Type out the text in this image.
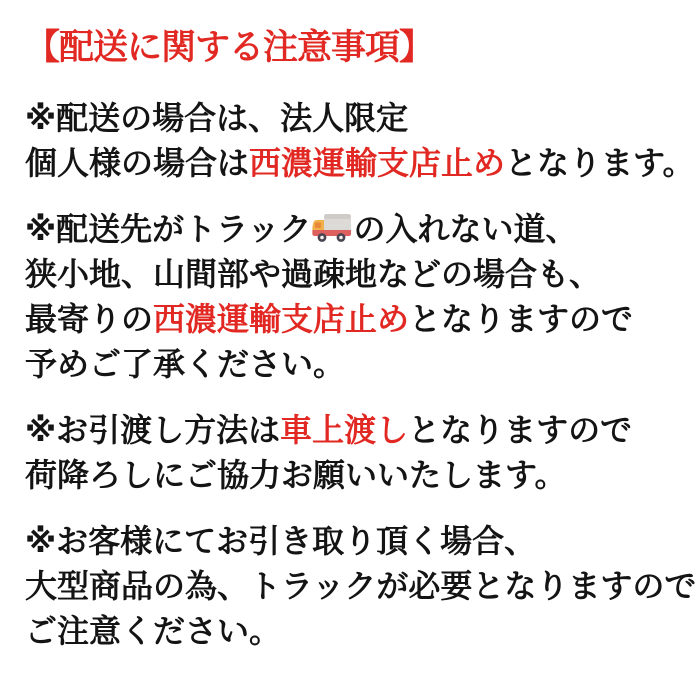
【配送に関する注意事項】

※配送の場合は、法人限定
個人様の場合は西濃運輸支店止めとなります。

※配送先がトラック の入れない道、
狭小地、山間部や過疎地などの場合も、
最寄りの西濃運輸支店止めとなりますので
予めご了承ください。

※お引渡し方法は車上渡しとなりますので
荷降ろしにご協力お願いいたします。

※お客様にてお引き取り頂く場合、
大型商品の為、トラックが必要となりますので
ご注意ください。
